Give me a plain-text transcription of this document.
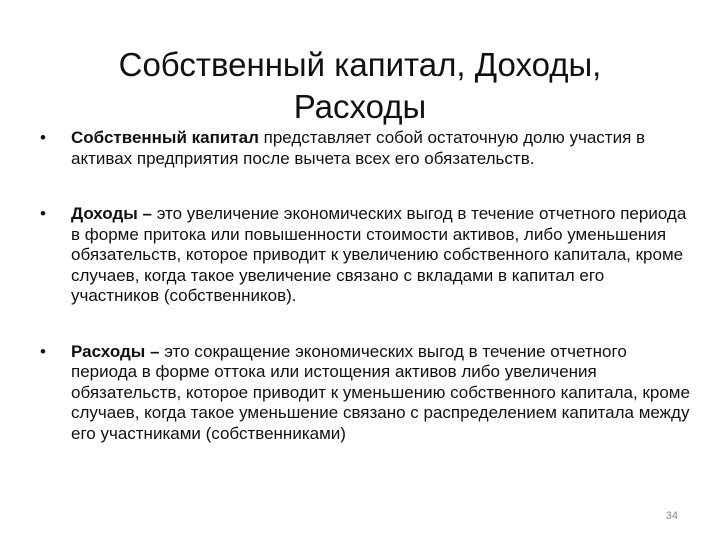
Собственный капитал, Доходы,
Расходы
•	Собственный капитал представляет собой остаточную долю участия в активах предприятия после вычета всех его обязательств.
•	Доходы – это увеличение экономических выгод в течение отчетного периода в форме притока или повышенности стоимости активов, либо уменьшения обязательств, которое приводит к увеличению собственного капитала, кроме случаев, когда такое увеличение связано с вкладами в капитал его участников (собственников).
•	Расходы – это сокращение экономических выгод в течение отчетного периода в форме оттока или истощения активов либо увеличения обязательств, которое приводит к уменьшению собственного капитала, кроме случаев, когда такое уменьшение связано с распределением капитала между его участниками (собственниками)
34
